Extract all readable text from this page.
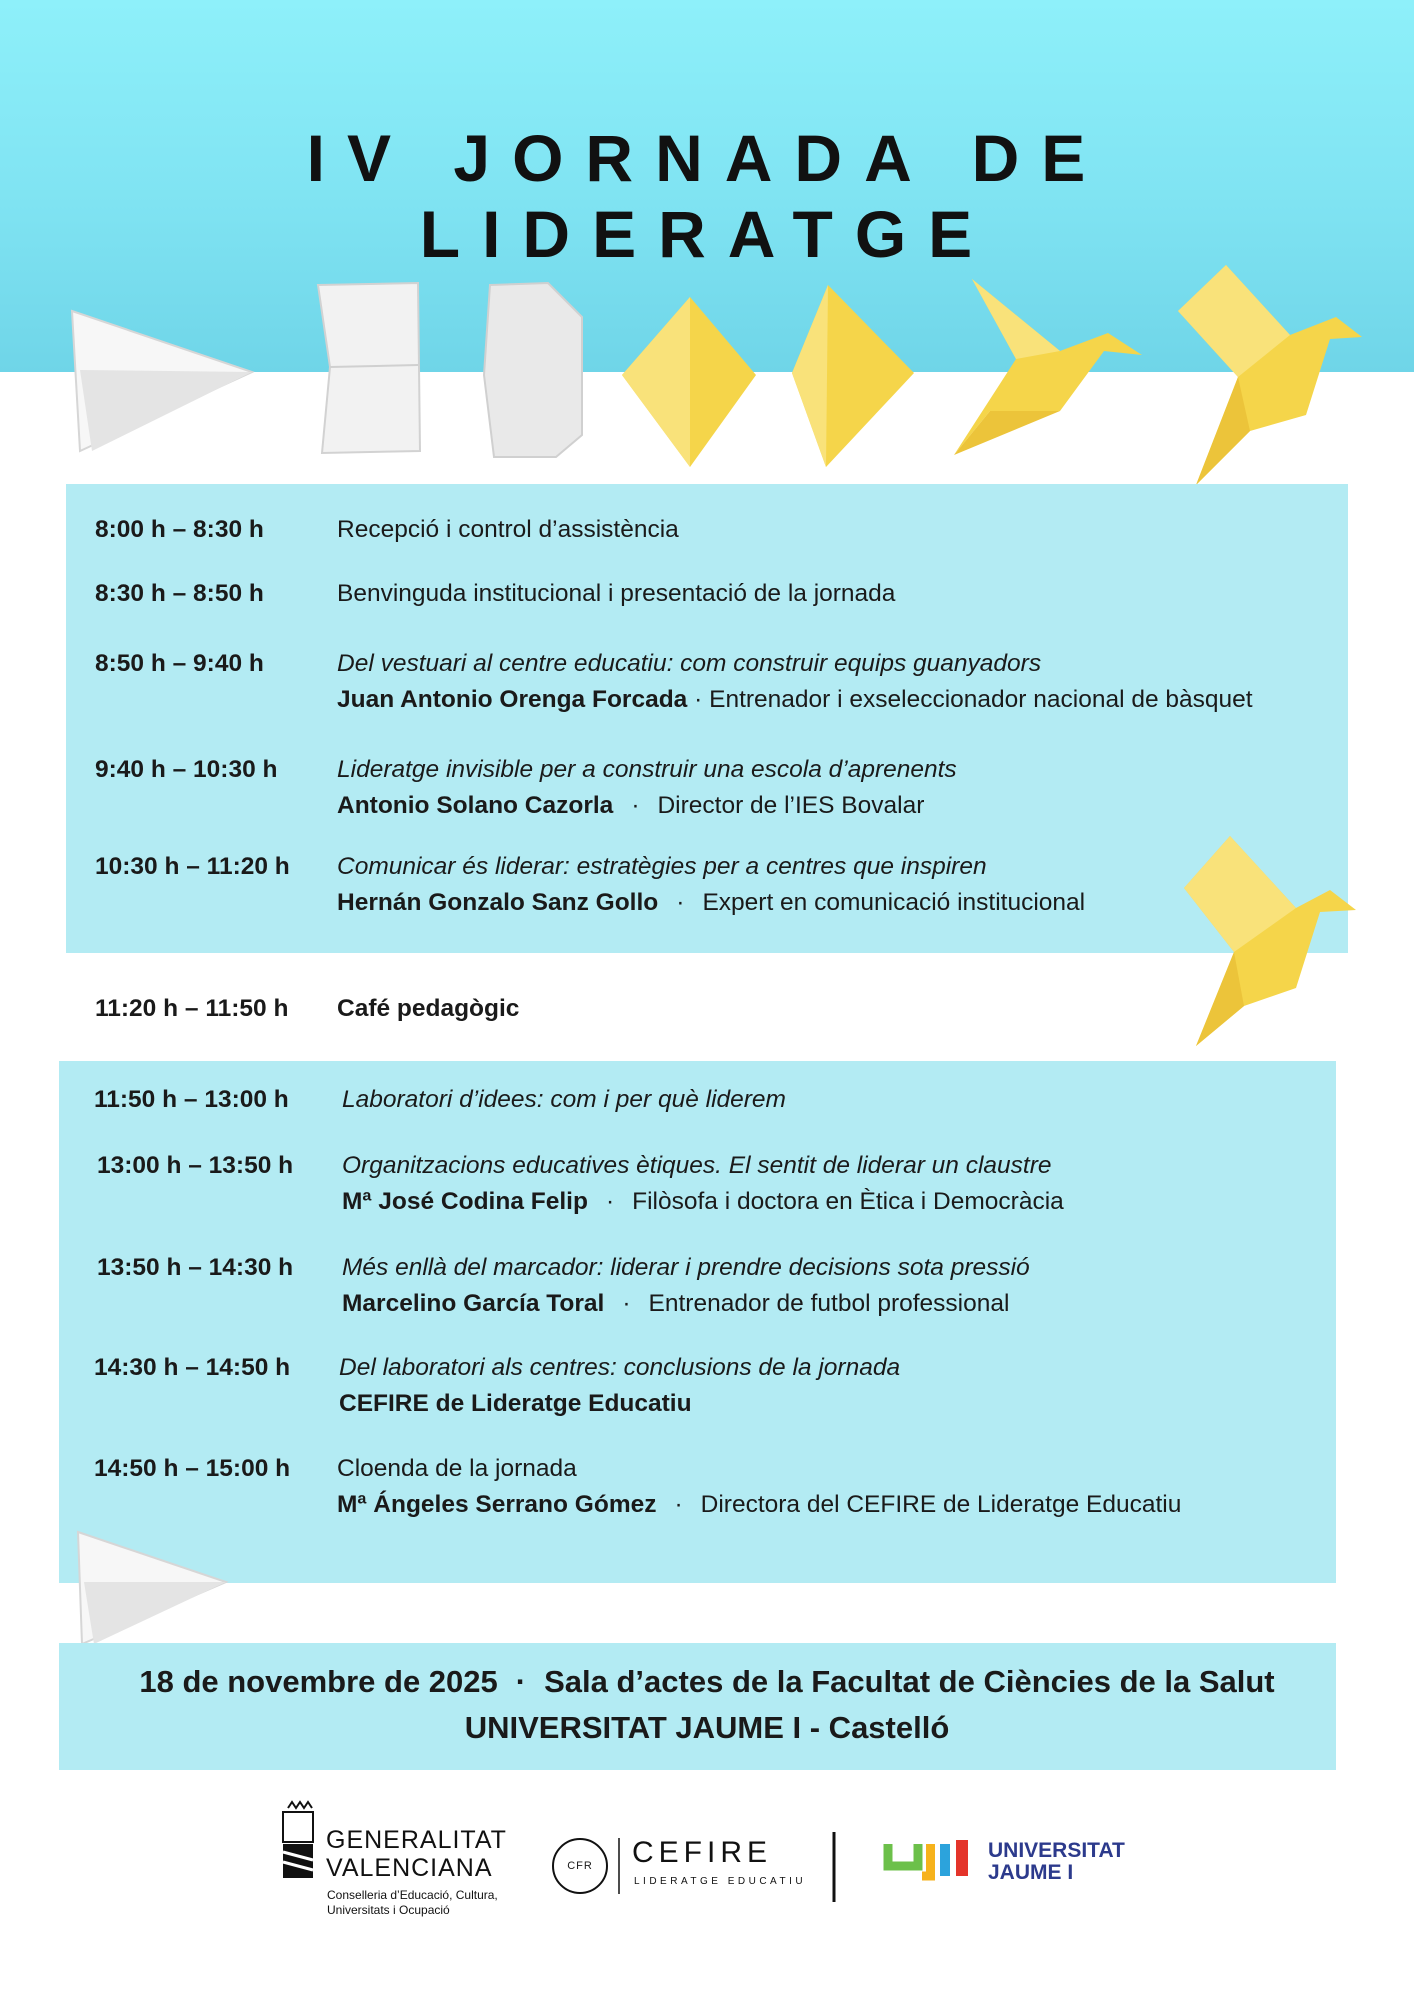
IV JORNADA DE LIDERATGE
8:00 h – 8:30 h	Recepció i control d’assistència
8:30 h – 8:50 h	Benvinguda institucional i presentació de la jornada
8:50 h – 9:40 h	Del vestuari al centre educatiu: com construir equips guanyadors
Juan Antonio Orenga Forcada · Entrenador i exseleccionador nacional de bàsquet
9:40 h – 10:30 h Lideratge invisible per a construir una escola d’aprenents
Antonio Solano Cazorla · Director de l’IES Bovalar
10:30 h – 11:20 h Comunicar és liderar: estratègies per a centres que inspiren
Hernán Gonzalo Sanz Gollo · Expert en comunicació institucional
11:20 h – 11:50 h Café pedagògic
11:50 h – 13:00 h Laboratori d’idees: com i per què liderem
13:00 h – 13:50 h Organitzacions educatives ètiques. El sentit de liderar un claustre
Mª José Codina Felip · Filòsofa i doctora en Ètica i Democràcia
13:50 h – 14:30 h Més enllà del marcador: liderar i prendre decisions sota pressió
Marcelino García Toral · Entrenador de futbol professional
14:30 h – 14:50 h Del laboratori als centres: conclusions de la jornada
CEFIRE de Lideratge Educatiu
14:50 h – 15:00 h Cloenda de la jornada
Mª Ángeles Serrano Gómez · Directora del CEFIRE de Lideratge Educatiu
18 de novembre de 2025 · Sala d’actes de la Facultat de Ciències de la Salut
UNIVERSITAT JAUME I - Castelló
GENERALITAT
VALENCIANA
Conselleria d’Educació, Cultura,
Universitats i Ocupació
CFR	CEFIRE
LIDERATGE EDUCATIU
UNIVERSITAT
JAUME I
